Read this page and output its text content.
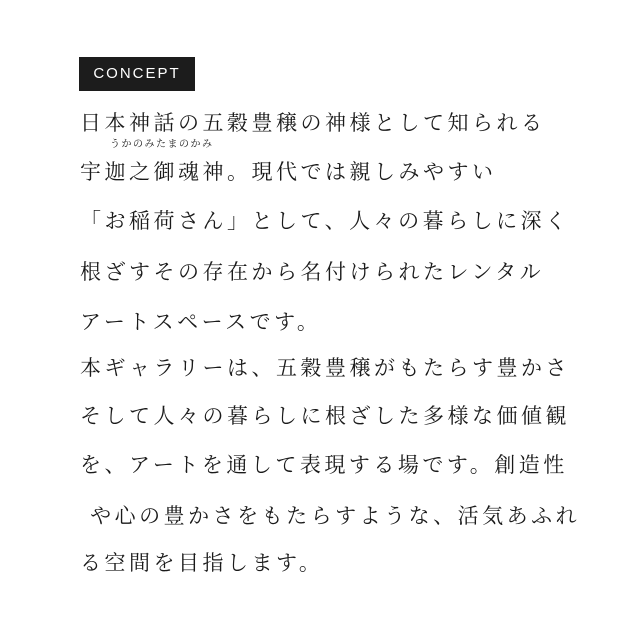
CONCEPT
うかのみたまのかみ
日本神話の五穀豊穣の神様として知られる
宇迦之御魂神。現代では親しみやすい
「お稲荷さん」として、人々の暮らしに深く
根ざすその存在から名付けられたレンタル
アートスペースです。
本ギャラリーは、五穀豊穣がもたらす豊かさ
そして人々の暮らしに根ざした多様な価値観
を、アートを通して表現する場です。創造性
や心の豊かさをもたらすような、活気あふれ
る空間を目指します。
